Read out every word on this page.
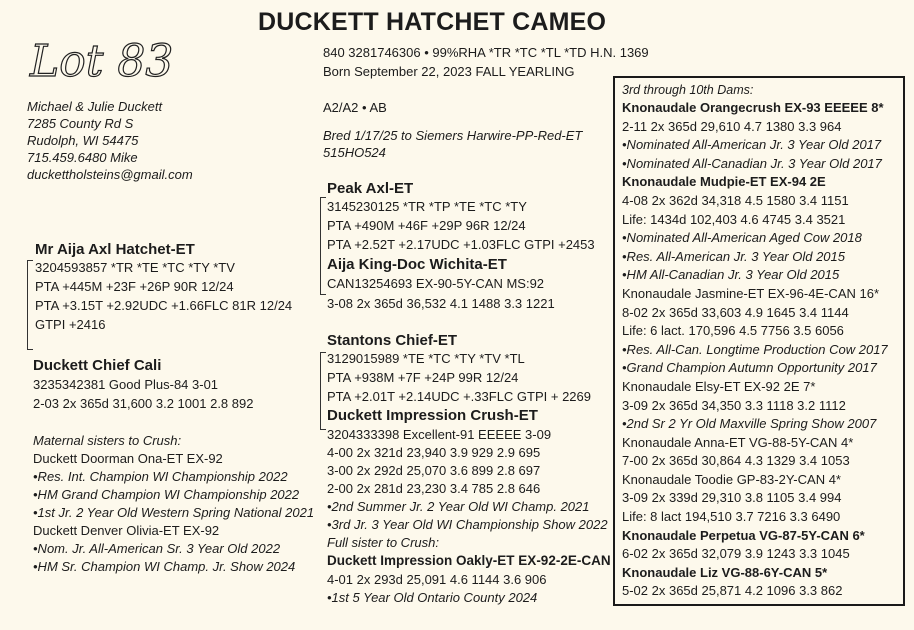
Lot 83
DUCKETT HATCHET CAMEO
840 3281746306 • 99%RHA *TR *TC *TL *TD H.N. 1369
Born September 22, 2023 FALL YEARLING
Michael & Julie Duckett
7285 County Rd S
Rudolph, WI 54475
715.459.6480 Mike
duckettholsteins@gmail.com
A2/A2 • AB
Bred 1/17/25 to Siemers Harwire-PP-Red-ET
515HO524
Mr Aija Axl Hatchet-ET
3204593857 *TR *TE *TC *TY *TV
PTA +445M +23F +26P 90R 12/24
PTA +3.15T +2.92UDC +1.66FLC 81R 12/24
GTPI +2416
Duckett Chief Cali
3235342381 Good Plus-84 3-01
2-03 2x 365d 31,600 3.2 1001 2.8 892
Maternal sisters to Crush:
Duckett Doorman Ona-ET EX-92
•Res. Int. Champion WI Championship 2022
•HM Grand Champion WI Championship 2022
•1st Jr. 2 Year Old Western Spring National 2021
Duckett Denver Olivia-ET EX-92
•Nom. Jr. All-American Sr. 3 Year Old 2022
•HM Sr. Champion WI Champ. Jr. Show 2024
Peak Axl-ET
3145230125 *TR *TP *TE *TC *TY
PTA +490M +46F +29P 96R 12/24
PTA +2.52T +2.17UDC +1.03FLC GTPI +2453
Aija King-Doc Wichita-ET
CAN13254693 EX-90-5Y-CAN MS:92
3-08 2x 365d 36,532 4.1 1488 3.3 1221
Stantons Chief-ET
3129015989 *TE *TC *TY *TV *TL
PTA +938M +7F +24P 99R 12/24
PTA +2.01T +2.14UDC +.33FLC GTPI + 2269
Duckett Impression Crush-ET
3204333398 Excellent-91 EEEEE 3-09
4-00 2x 321d 23,940 3.9 929 2.9 695
3-00 2x 292d 25,070 3.6 899 2.8 697
2-00 2x 281d 23,230 3.4 785 2.8 646
•2nd Summer Jr. 2 Year Old WI Champ. 2021
•3rd Jr. 3 Year Old WI Championship Show 2022
Full sister to Crush:
Duckett Impression Oakly-ET EX-92-2E-CAN
4-01 2x 293d 25,091 4.6 1144 3.6 906
•1st 5 Year Old Ontario County 2024
3rd through 10th Dams:
Knonaudale Orangecrush EX-93 EEEEE 8*
2-11 2x 365d 29,610 4.7 1380 3.3 964
•Nominated All-American Jr. 3 Year Old 2017
•Nominated All-Canadian Jr. 3 Year Old 2017
Knonaudale Mudpie-ET EX-94 2E
4-08 2x 362d 34,318 4.5 1580 3.4 1151
Life: 1434d 102,403 4.6 4745 3.4 3521
•Nominated All-American Aged Cow 2018
•Res. All-American Jr. 3 Year Old 2015
•HM All-Canadian Jr. 3 Year Old 2015
Knonaudale Jasmine-ET EX-96-4E-CAN 16*
8-02 2x 365d 33,603 4.9 1645 3.4 1144
Life: 6 lact. 170,596 4.5 7756 3.5 6056
•Res. All-Can. Longtime Production Cow 2017
•Grand Champion Autumn Opportunity 2017
Knonaudale Elsy-ET EX-92 2E 7*
3-09 2x 365d 34,350 3.3 1118 3.2 1112
•2nd Sr 2 Yr Old Maxville Spring Show 2007
Knonaudale Anna-ET VG-88-5Y-CAN 4*
7-00 2x 365d 30,864 4.3 1329 3.4 1053
Knonaudale Toodie GP-83-2Y-CAN 4*
3-09 2x 339d 29,310 3.8 1105 3.4 994
Life: 8 lact 194,510 3.7 7216 3.3 6490
Knonaudale Perpetua VG-87-5Y-CAN 6*
6-02 2x 365d 32,079 3.9 1243 3.3 1045
Knonaudale Liz VG-88-6Y-CAN 5*
5-02 2x 365d 25,871 4.2 1096 3.3 862
